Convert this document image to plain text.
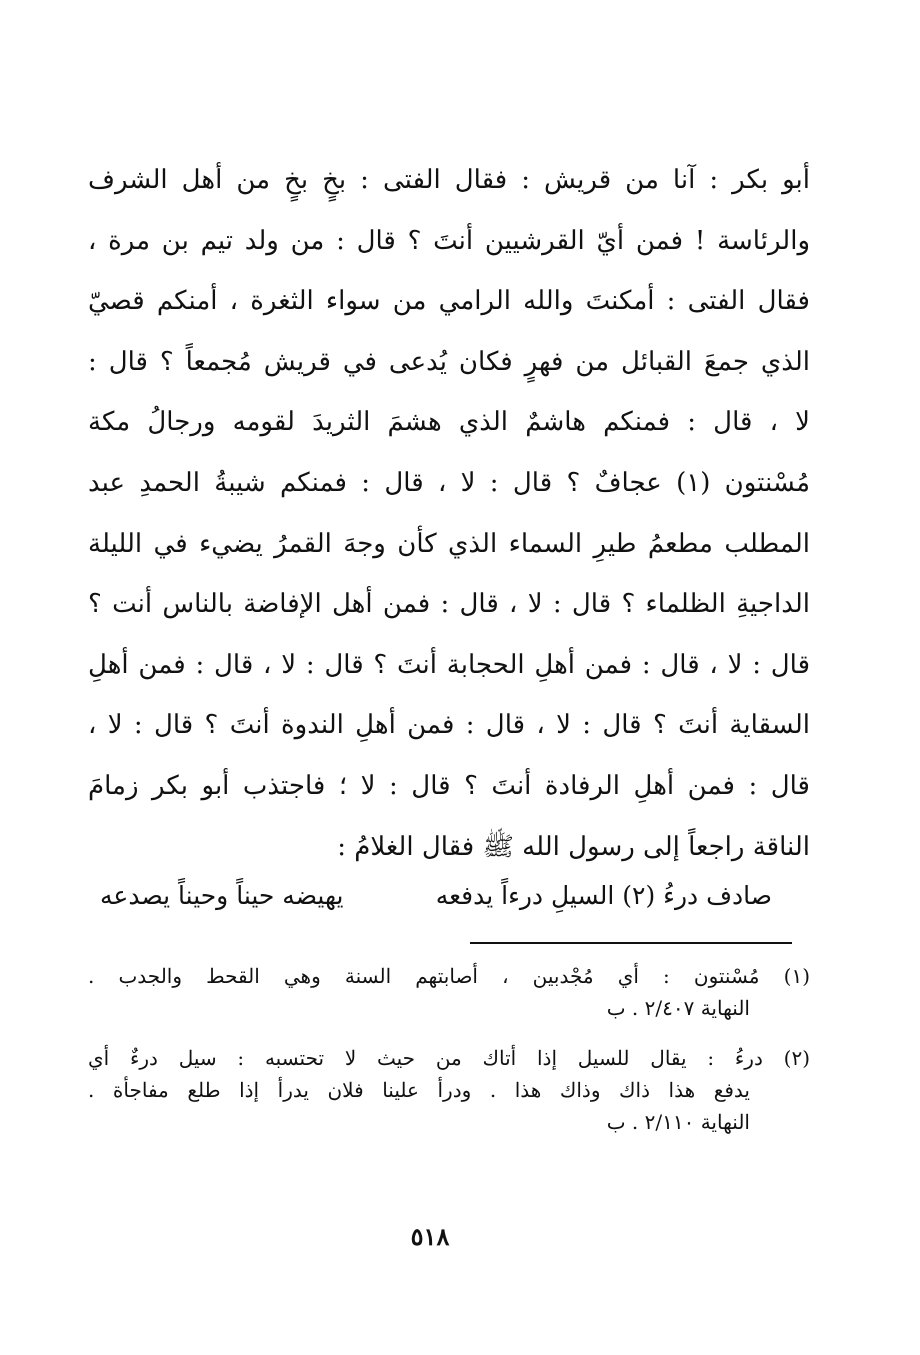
أبو بكر : آنا من قريش : فقال الفتى : بخٍ بخٍ من أهل الشرف
والرئاسة ! فمن أيّ القرشيين أنتَ ؟ قال : من ولد تيم بن مرة ،
فقال الفتى : أمكنتَ والله الرامي من سواء الثغرة ، أمنكم قصيّ
الذي جمعَ القبائل من فهرٍ فكان يُدعى في قريش مُجمعاً ؟ قال :
لا ، قال : فمنكم هاشمٌ الذي هشمَ الثريدَ لقومه ورجالُ مكة
مُسْنتون (١) عجافٌ ؟ قال : لا ، قال : فمنكم شيبةُ الحمدِ عبد
المطلب مطعمُ طيرِ السماء الذي كأن وجهَ القمرُ يضيء في الليلة
الداجيةِ الظلماء ؟ قال : لا ، قال : فمن أهل الإفاضة بالناس أنت ؟
قال : لا ، قال : فمن أهلِ الحجابة أنتَ ؟ قال : لا ، قال : فمن أهلِ
السقاية أنتَ ؟ قال : لا ، قال : فمن أهلِ الندوة أنتَ ؟ قال : لا ،
قال : فمن أهلِ الرفادة أنتَ ؟ قال : لا ؛ فاجتذب أبو بكر زمامَ
الناقة راجعاً إلى رسول الله ﷺ فقال الغلامُ :
صادف درءُ (٢) السيلِ درءاً يدفعه
يهيضه حيناً وحيناً يصدعه
(١) مُسْنتون : أي مُجْدبين ، أصابتهم السنة وهي القحط والجدب .
النهاية ٢/٤٠٧ . ب
(٢) درءُ : يقال للسيل إذا أتاك من حيث لا تحتسبه : سيل درءٌ أي
يدفع هذا ذاك وذاك هذا . ودرأ علينا فلان يدرأ إذا طلع مفاجأة .
النهاية ٢/١١٠ . ب
٥١٨
